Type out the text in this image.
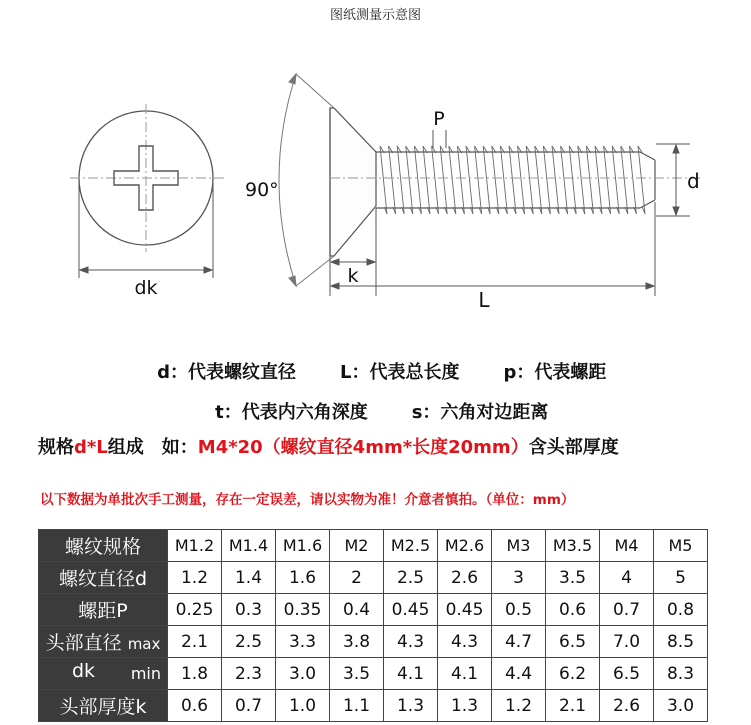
图纸测量示意图
P
d
90°
k
dk	L

d：代表螺纹直径 L：代表总长度 p：代表螺距

t：代表内六角深度 s：六角对边距离

规格d*L组成　如：M4*20（螺纹直径4mm*长度20mm）含头部厚度
以下数据为单批次手工测量，存在一定误差，请以实物为准！介意者慎拍。（单位：mm）
螺纹规格	M1.2	M1.4	M1.6	M2	M2.5	M2.6	M3	M3.5	M4	M5
螺纹直径d	1.2	1.4	1.6	2	2.5	2.6	3	3.5	4	5
螺距P	0.25	0.3	0.35	0.4	0.45	0.45	0.5	0.6	0.7	0.8
头部直径 max	2.1	2.5	3.3	3.8	4.3	4.3	4.7	6.5	7.0	8.5

dk min	1.8	2.3	3.0	3.5	4.1	4.1	4.4	6.2	6.5	8.3
头部厚度k	0.6	0.7	1.0	1.1	1.3	1.3	1.2	2.1	2.6	3.0
